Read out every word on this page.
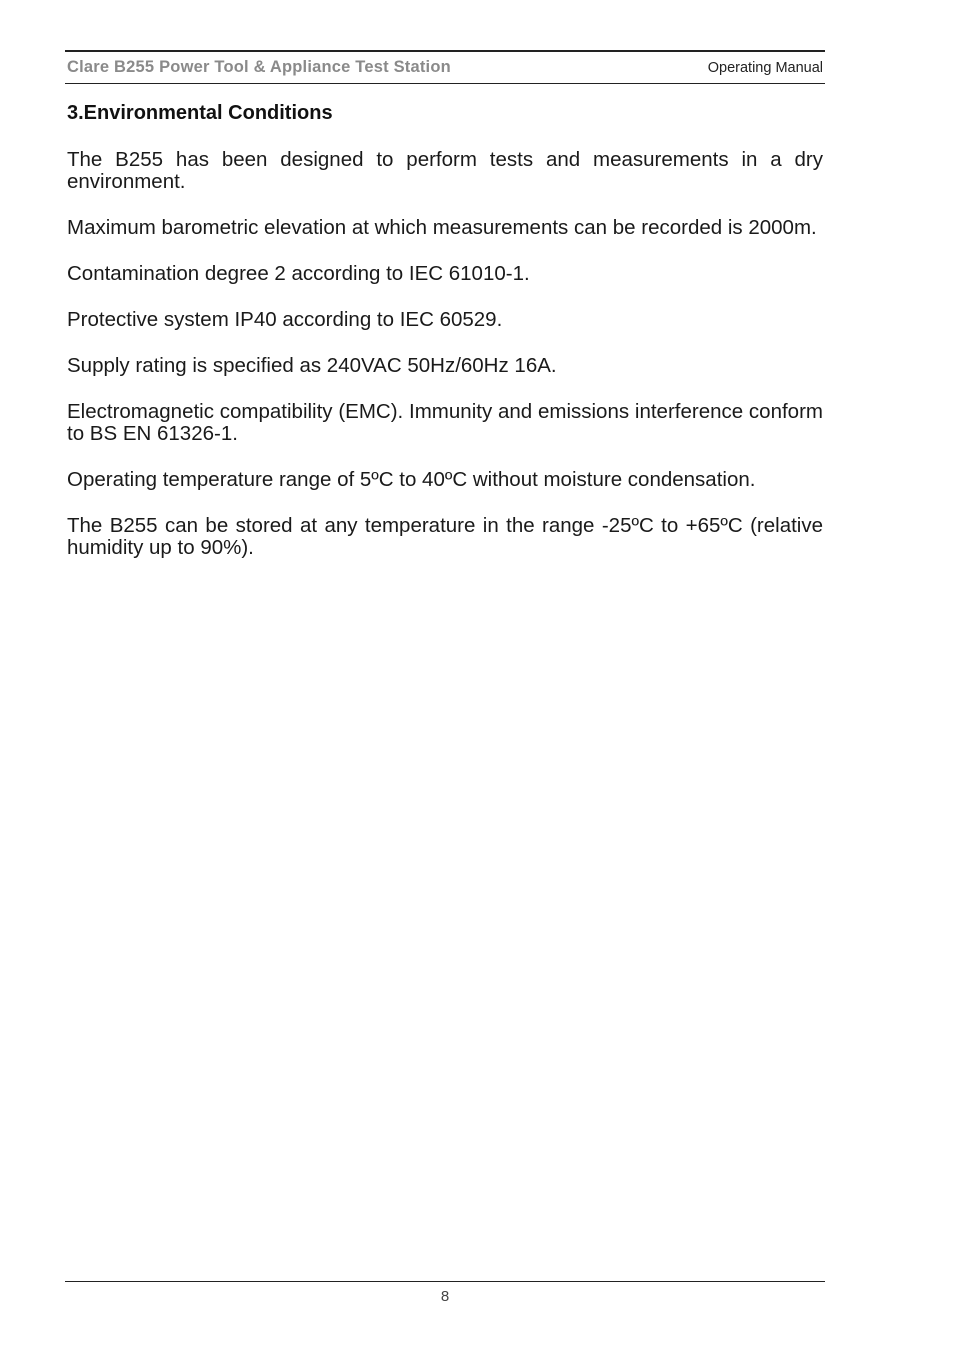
Clare B255 Power Tool & Appliance Test Station	Operating Manual
3.Environmental Conditions

The B255 has been designed to perform tests and measurements in a dry environment.

Maximum barometric elevation at which measurements can be recorded is 2000m.

Contamination degree 2 according to IEC 61010-1.

Protective system IP40 according to IEC 60529.

Supply rating is specified as 240VAC 50Hz/60Hz 16A.

Electromagnetic compatibility (EMC). Immunity and emissions interference conform to BS EN 61326-1.

Operating temperature range of 5ºC to 40ºC without moisture condensation.

The B255 can be stored at any temperature in the range -25ºC to +65ºC (relative humidity up to 90%).

8
